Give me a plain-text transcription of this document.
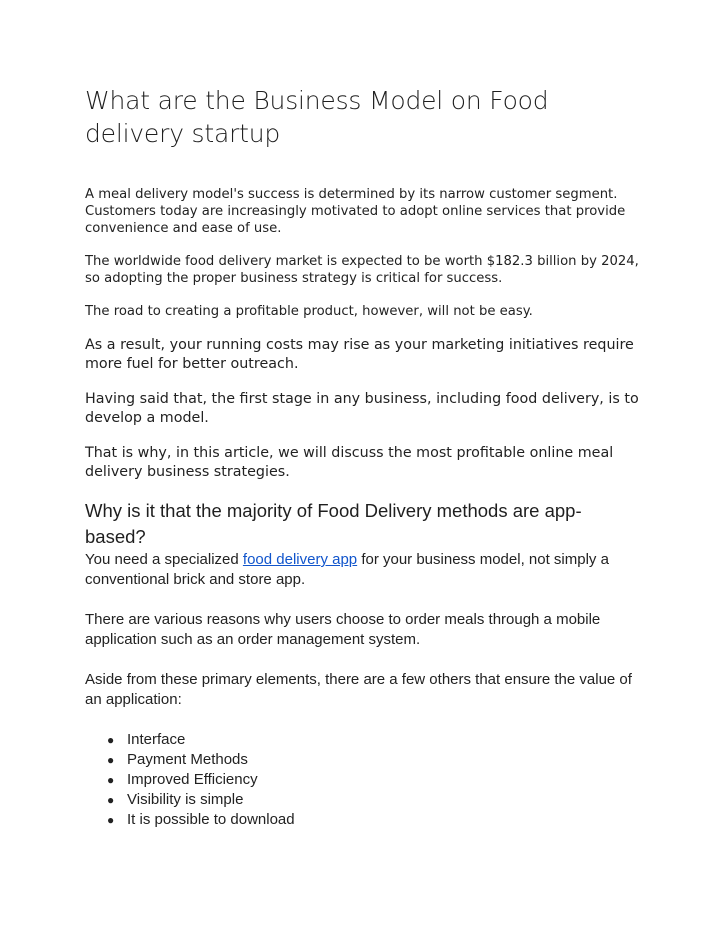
What are the Business Model on Food delivery startup

A meal delivery model's success is determined by its narrow customer segment. Customers today are increasingly motivated to adopt online services that provide convenience and ease of use.

The worldwide food delivery market is expected to be worth $182.3 billion by 2024, so adopting the proper business strategy is critical for success.

The road to creating a profitable product, however, will not be easy.

As a result, your running costs may rise as your marketing initiatives require more fuel for better outreach.

Having said that, the first stage in any business, including food delivery, is to develop a model.

That is why, in this article, we will discuss the most profitable online meal delivery business strategies.

Why is it that the majority of Food Delivery methods are app-based?

You need a specialized food delivery app for your business model, not simply a conventional brick and store app.

There are various reasons why users choose to order meals through a mobile application such as an order management system.

Aside from these primary elements, there are a few others that ensure the value of an application:

● Interface
● Payment Methods
● Improved Efficiency
● Visibility is simple
● It is possible to download
